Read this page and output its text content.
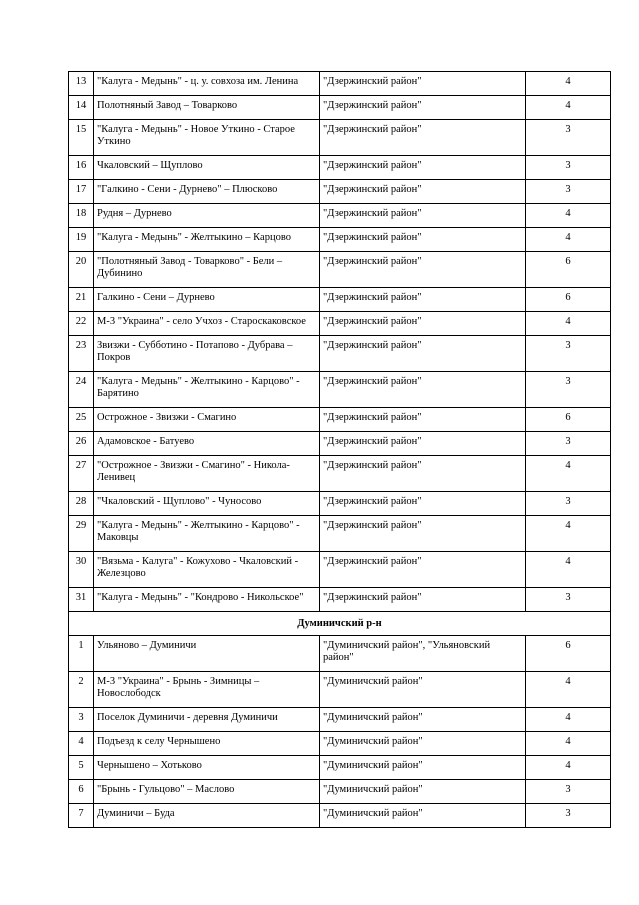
13	"Калуга - Медынь" - ц. у. совхоза им. Ленина	"Дзержинский район"	4
14	Полотняный Завод – Товарково	"Дзержинский район"	4
15	"Калуга - Медынь" - Новое Уткино - Старое Уткино	"Дзержинский район"	3
16	Чкаловский – Щуплово	"Дзержинский район"	3
17	"Галкино - Сени - Дурнево" – Плюсково	"Дзержинский район"	3
18	Рудня – Дурнево	"Дзержинский район"	4
19	"Калуга - Медынь" - Желтыкино – Карцово	"Дзержинский район"	4
20	"Полотняный Завод - Товарково" - Бели – Дубинино	"Дзержинский район"	6
21	Галкино - Сени – Дурнево	"Дзержинский район"	6
22	М-3 "Украина" - село Учхоз - Староскаковское	"Дзержинский район"	4
23	Звизжи - Субботино - Потапово - Дубрава – Покров	"Дзержинский район"	3
24	"Калуга - Медынь" - Желтыкино - Карцово" - Барятино	"Дзержинский район"	3
25	Острожное - Звизжи - Смагино	"Дзержинский район"	6
26	Адамовское - Батуево	"Дзержинский район"	3
27	"Острожное - Звизжи - Смагино" - Никола-Ленивец	"Дзержинский район"	4
28	"Чкаловский - Щуплово" - Чуносово	"Дзержинский район"	3
29	"Калуга - Медынь" - Желтыкино - Карцово" - Маковцы	"Дзержинский район"	4
30	"Вязьма - Калуга" - Кожухово - Чкаловский - Железцово	"Дзержинский район"	4
31	"Калуга - Медынь" - "Кондрово - Никольское"	"Дзержинский район"	3
Думиничский р-н			
1	Ульяново – Думиничи	"Думиничский район", "Ульяновский район"	6
2	М-3 "Украина" - Брынь - Зимницы – Новослободск	"Думиничский район"	4
3	Поселок Думиничи - деревня Думиничи	"Думиничский район"	4
4	Подъезд к селу Чернышено	"Думиничский район"	4
5	Чернышено – Хотьково	"Думиничский район"	4
6	"Брынь - Гульцово" – Маслово	"Думиничский район"	3
7	Думиничи – Буда	"Думиничский район"	3
